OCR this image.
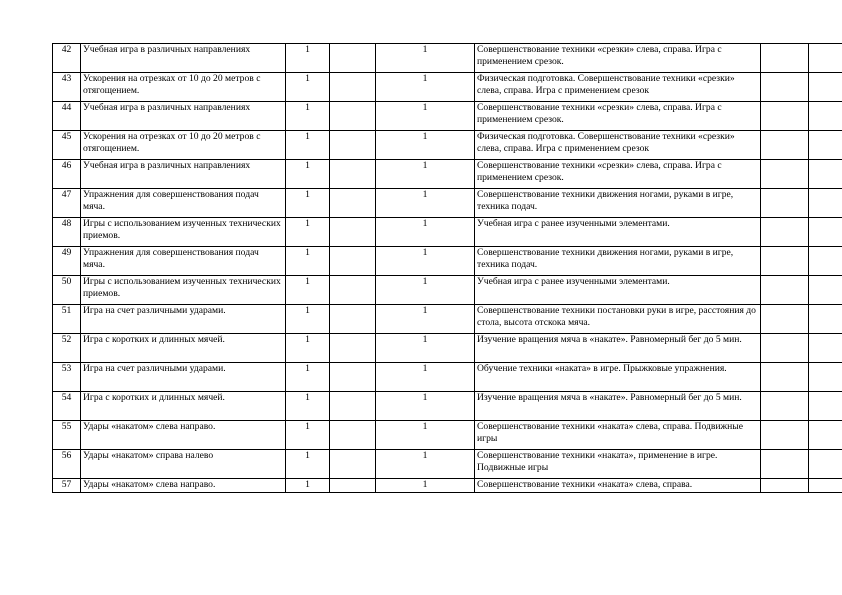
42	Учебная игра в различных направлениях	1		1	Совершенствование техники «срезки» слева, справа. Игра с применением срезок.		
43	Ускорения на отрезках от 10 до 20 метров с отягощением.	1		1	Физическая подготовка. Совершенствование техники «срезки» слева, справа. Игра с применением срезок		
44	Учебная игра в различных направлениях	1		1	Совершенствование техники «срезки» слева, справа. Игра с применением срезок.		
45	Ускорения на отрезках от 10 до 20 метров с отягощением.	1		1	Физическая подготовка. Совершенствование техники «срезки» слева, справа. Игра с применением срезок		
46	Учебная игра в различных направлениях	1		1	Совершенствование техники «срезки» слева, справа. Игра с применением срезок.		
47	Упражнения для совершенствования подач мяча.	1		1	Совершенствование техники движения ногами, руками в игре, техника подач.		
48	Игры с использованием изученных технических приемов.	1		1	Учебная игра с ранее изученными элементами.		
49	Упражнения для совершенствования подач мяча.	1		1	Совершенствование техники движения ногами, руками в игре, техника подач.		
50	Игры с использованием изученных технических приемов.	1		1	Учебная игра с ранее изученными элементами.		
51	Игра на счет различными ударами.	1		1	Совершенствование техники постановки руки в игре, расстояния до стола, высота отскока мяча.		
52	Игра с коротких и длинных мячей.	1		1	Изучение вращения мяча в «накате». Равномерный бег до 5 мин.		
53	Игра на счет различными ударами.	1		1	Обучение техники «наката» в игре. Прыжковые упражнения.		
54	Игра с коротких и длинных мячей.	1		1	Изучение вращения мяча в «накате». Равномерный бег до 5 мин.		
55	Удары «накатом» слева направо.	1		1	Совершенствование техники «наката» слева, справа. Подвижные игры		
56	Удары «накатом» справа налево	1		1	Совершенствование техники «наката», применение в игре. Подвижные игры		
57	Удары «накатом» слева направо.	1		1	Совершенствование техники «наката» слева, справа.		
